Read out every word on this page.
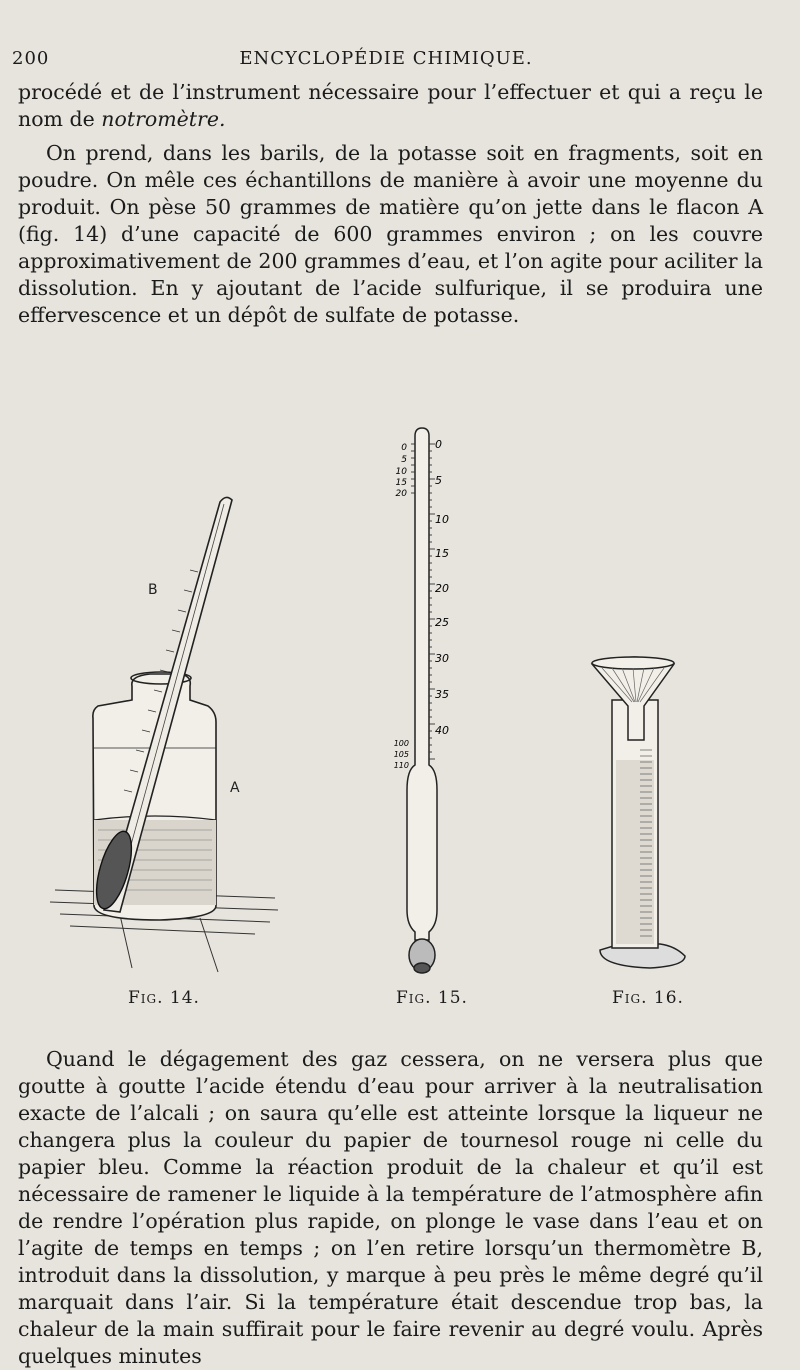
200	ENCYCLOPÉDIE CHIMIQUE.

procédé et de l’instrument nécessaire pour l’effectuer et qui a reçu le nom de notromètre.

On prend, dans les barils, de la potasse soit en fragments, soit en poudre. On mêle ces échantillons de manière à avoir une moyenne du produit. On pèse 50 grammes de matière qu’on jette dans le flacon A (fig. 14) d’une capacité de 600 grammes environ ; on les couvre approximativement de 200 grammes d’eau, et l’on agite pour aciliter la dissolution. En y ajoutant de l’acide sulfurique, il se produira une effervescence et un dépôt de sulfate de potasse.

B
A
0
5
10
15
20
100
105
110
0
5
10
15
20
25
30
35
40
Fig. 14.	Fig. 15.	Fig. 16.

Quand le dégagement des gaz cessera, on ne versera plus que goutte à goutte l’acide étendu d’eau pour arriver à la neutralisation exacte de l’alcali ; on saura qu’elle est atteinte lorsque la liqueur ne changera plus la couleur du papier de tournesol rouge ni celle du papier bleu. Comme la réaction produit de la chaleur et qu’il est nécessaire de ramener le liquide à la température de l’atmosphère afin de rendre l’opération plus rapide, on plonge le vase dans l’eau et on l’agite de temps en temps ; on l’en retire lorsqu’un thermomètre B, introduit dans la dissolution, y marque à peu près le même degré qu’il marquait dans l’air. Si la température était descendue trop bas, la chaleur de la main suffirait pour le faire revenir au degré voulu. Après quelques minutes
